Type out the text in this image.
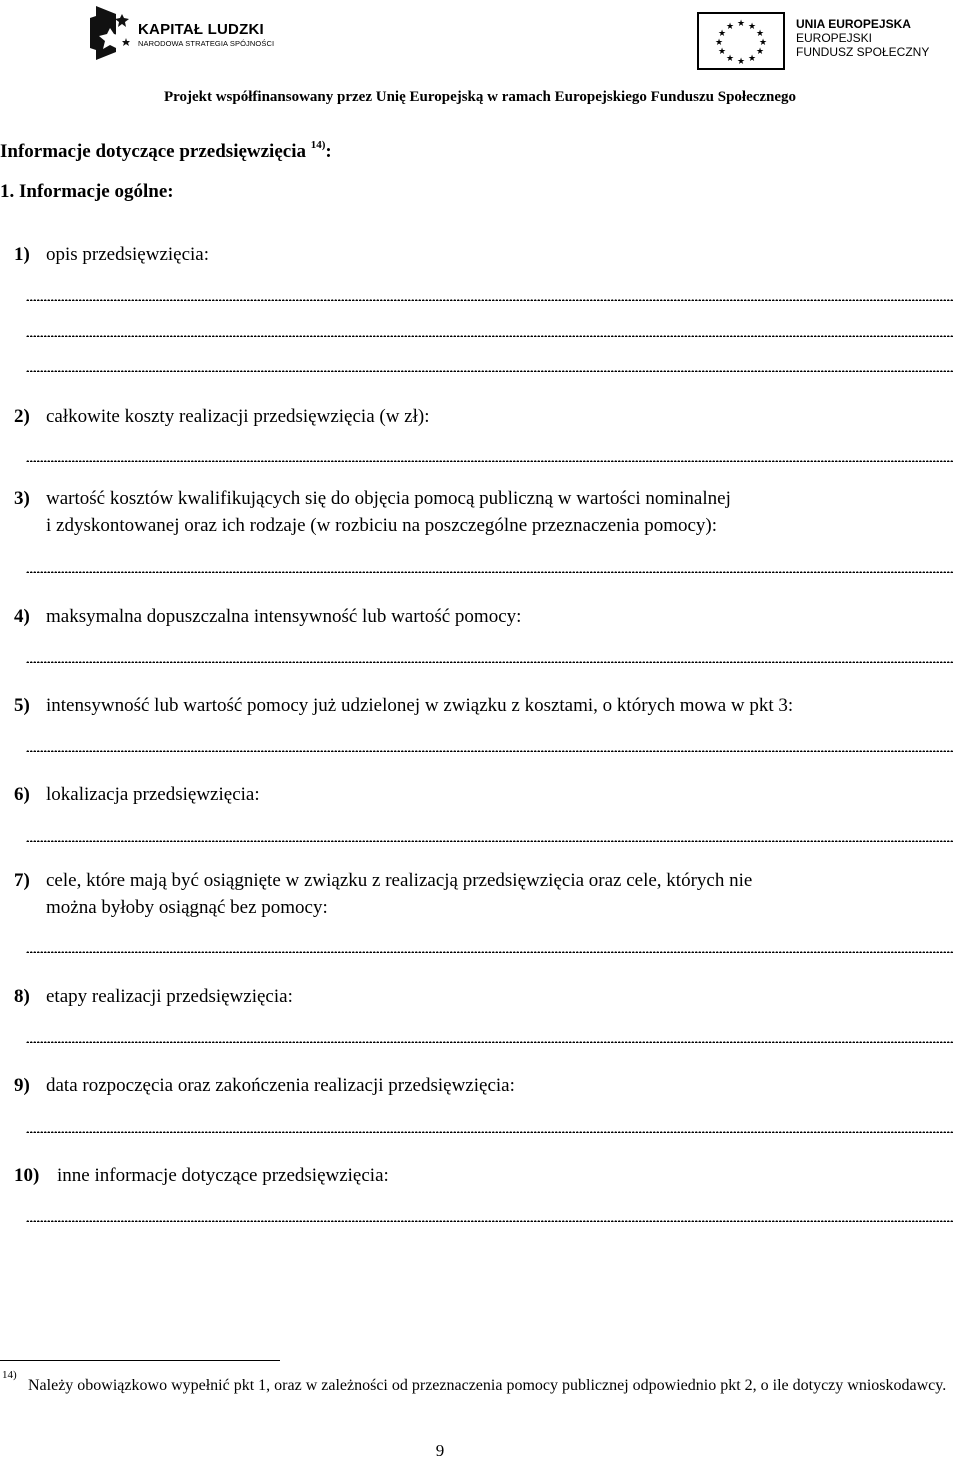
KAPITAŁ LUDZKI
NARODOWA STRATEGIA SPÓJNOŚCI
★ ★
★
★
★
★
★
★
★
★
★
★	UNIA EUROPEJSKA
EUROPEJSKI
FUNDUSZ SPOŁECZNY
Projekt współfinansowany przez Unię Europejską w ramach Europejskiego Funduszu Społecznego
Informacje dotyczące przedsięwzięcia $^{14)}$:
1. Informacje ogólne:
1) opis przedsięwzięcia:
2) całkowite koszty realizacji przedsięwzięcia (w zł):
3) wartość kosztów kwalifikujących się do objęcia pomocą publiczną w wartości nominalnej
i zdyskontowanej oraz ich rodzaje (w rozbiciu na poszczególne przeznaczenia pomocy):
4) maksymalna dopuszczalna intensywność lub wartość pomocy:
5) intensywność lub wartość pomocy już udzielonej w związku z kosztami, o których mowa w pkt 3:
6) lokalizacja przedsięwzięcia:
7) cele, które mają być osiągnięte w związku z realizacją przedsięwzięcia oraz cele, których nie
można byłoby osiągnąć bez pomocy:
8) etapy realizacji przedsięwzięcia:
9) data rozpoczęcia oraz zakończenia realizacji przedsięwzięcia:
10) inne informacje dotyczące przedsięwzięcia:
14)
Należy obowiązkowo wypełnić pkt 1, oraz w zależności od przeznaczenia pomocy publicznej odpowiednio pkt 2, o ile dotyczy wnioskodawcy.
9
